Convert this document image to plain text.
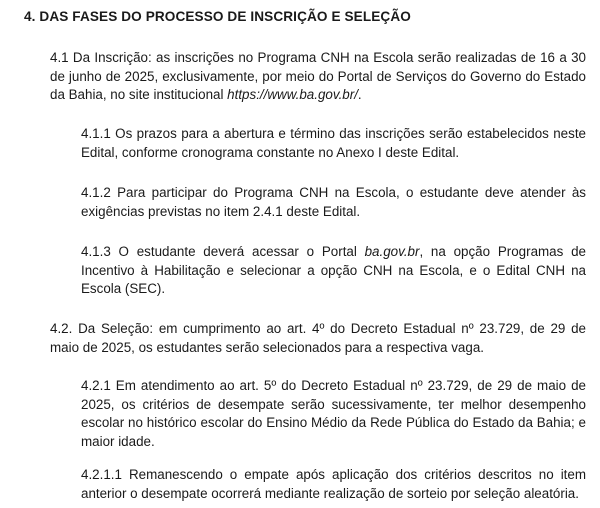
4. DAS FASES DO PROCESSO DE INSCRIÇÃO E SELEÇÃO

4.1 Da Inscrição: as inscrições no Programa CNH na Escola serão realizadas de 16 a 30 de junho de 2025, exclusivamente, por meio do Portal de Serviços do Governo do Estado da Bahia, no site institucional https://www.ba.gov.br/.

4.1.1 Os prazos para a abertura e término das inscrições serão estabelecidos neste Edital, conforme cronograma constante no Anexo I deste Edital.

4.1.2 Para participar do Programa CNH na Escola, o estudante deve atender às exigências previstas no item 2.4.1 deste Edital.

4.1.3 O estudante deverá acessar o Portal ba.gov.br, na opção Programas de Incentivo à Habilitação e selecionar a opção CNH na Escola, e o Edital CNH na Escola (SEC).

4.2. Da Seleção: em cumprimento ao art. 4º do Decreto Estadual nº 23.729, de 29 de maio de 2025, os estudantes serão selecionados para a respectiva vaga.

4.2.1 Em atendimento ao art. 5º do Decreto Estadual nº 23.729, de 29 de maio de 2025, os critérios de desempate serão sucessivamente, ter melhor desempenho escolar no histórico escolar do Ensino Médio da Rede Pública do Estado da Bahia; e maior idade.

4.2.1.1 Remanescendo o empate após aplicação dos critérios descritos no item anterior o desempate ocorrerá mediante realização de sorteio por seleção aleatória.
